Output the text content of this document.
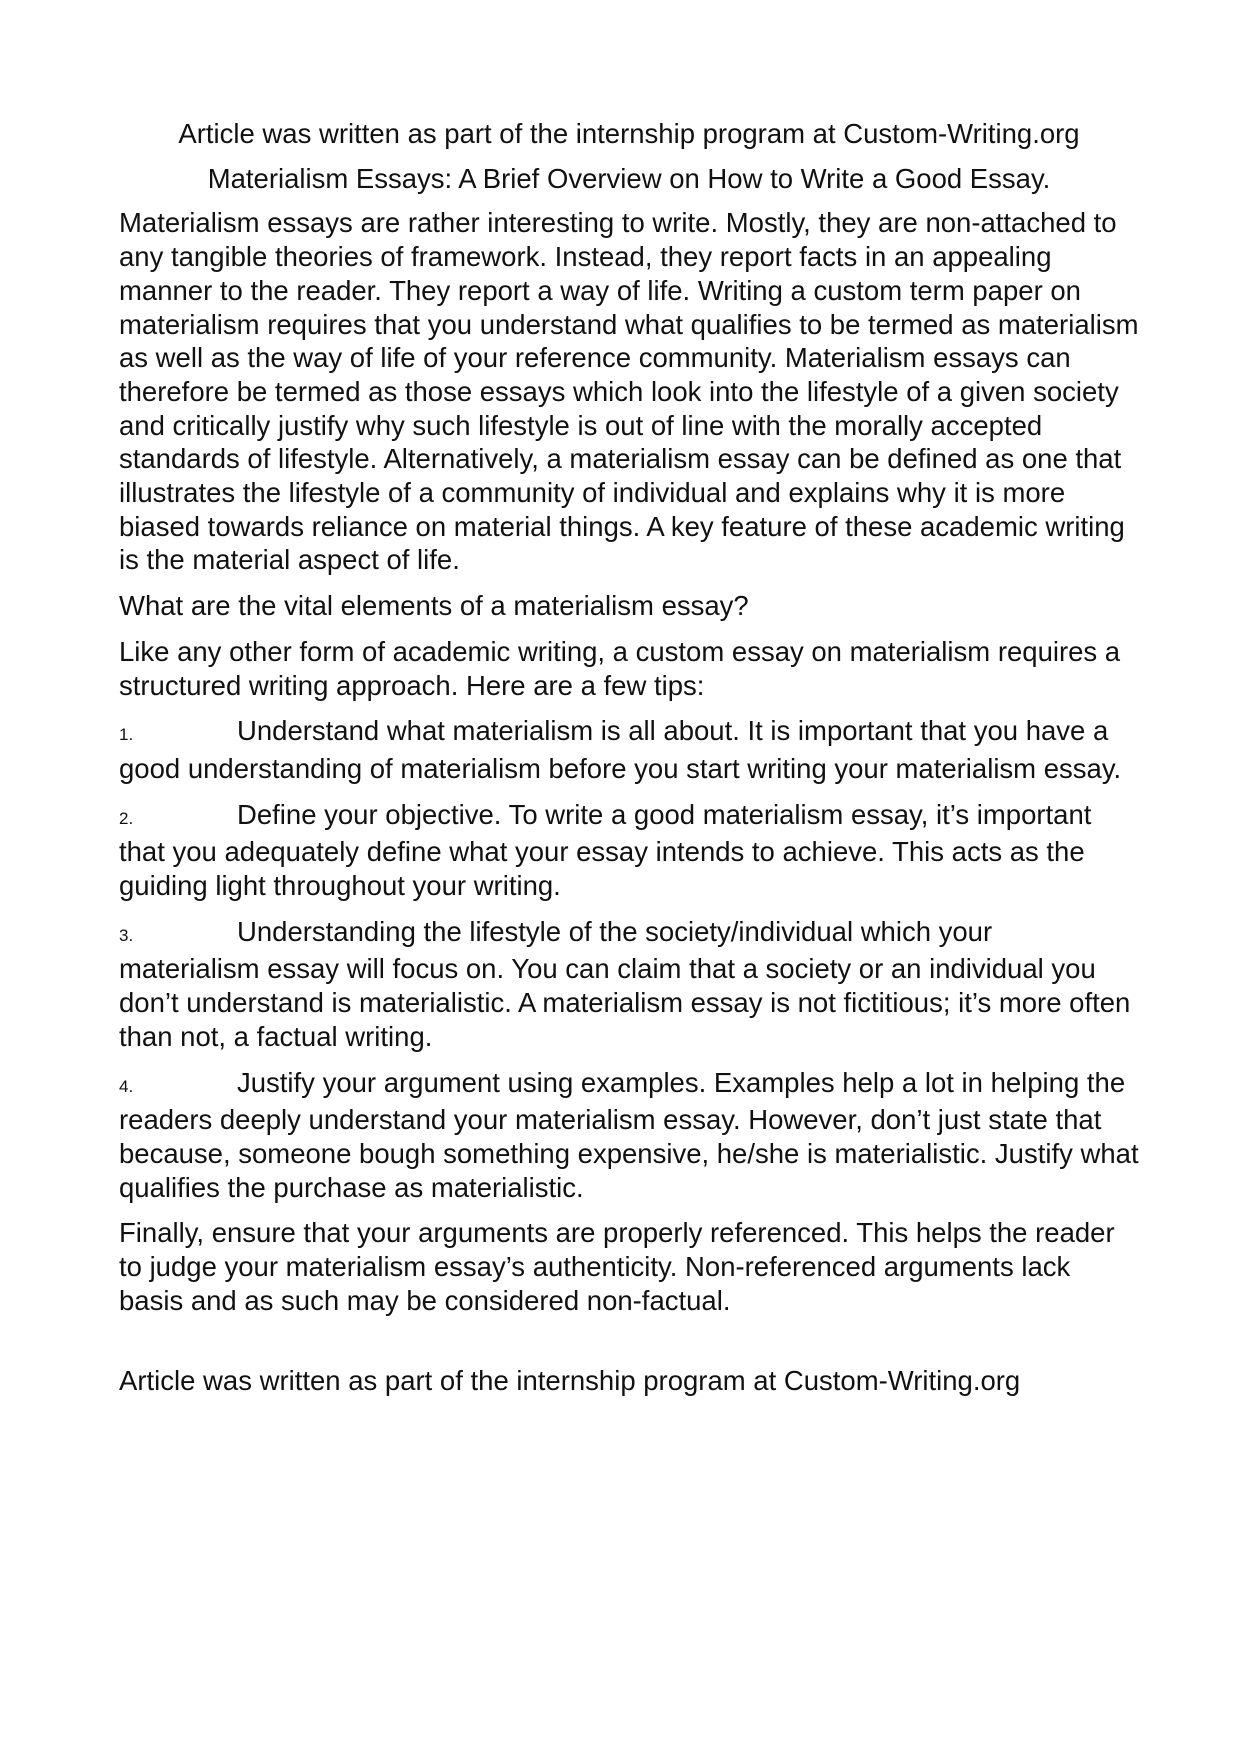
Article was written as part of the internship program at Custom-Writing.org

Materialism Essays: A Brief Overview on How to Write a Good Essay.

Materialism essays are rather interesting to write. Mostly, they are non-attached to any tangible theories of framework. Instead, they report facts in an appealing manner to the reader. They report a way of life. Writing a custom term paper on materialism requires that you understand what qualifies to be termed as materialism as well as the way of life of your reference community. Materialism essays can therefore be termed as those essays which look into the lifestyle of a given society and critically justify why such lifestyle is out of line with the morally accepted standards of lifestyle. Alternatively, a materialism essay can be defined as one that illustrates the lifestyle of a community of individual and explains why it is more biased towards reliance on material things. A key feature of these academic writing is the material aspect of life.

What are the vital elements of a materialism essay?

Like any other form of academic writing, a custom essay on materialism requires a structured writing approach. Here are a few tips:

1.	Understand what materialism is all about. It is important that you have a good understanding of materialism before you start writing your materialism essay.

2.	Define your objective. To write a good materialism essay, it’s important that you adequately define what your essay intends to achieve. This acts as the guiding light throughout your writing.

3.	Understanding the lifestyle of the society/individual which your materialism essay will focus on. You can claim that a society or an individual you don’t understand is materialistic. A materialism essay is not fictitious; it’s more often than not, a factual writing.

4.	Justify your argument using examples. Examples help a lot in helping the readers deeply understand your materialism essay. However, don’t just state that because, someone bough something expensive, he/she is materialistic. Justify what qualifies the purchase as materialistic.

Finally, ensure that your arguments are properly referenced. This helps the reader to judge your materialism essay’s authenticity. Non-referenced arguments lack basis and as such may be considered non-factual.

Article was written as part of the internship program at Custom-Writing.org
